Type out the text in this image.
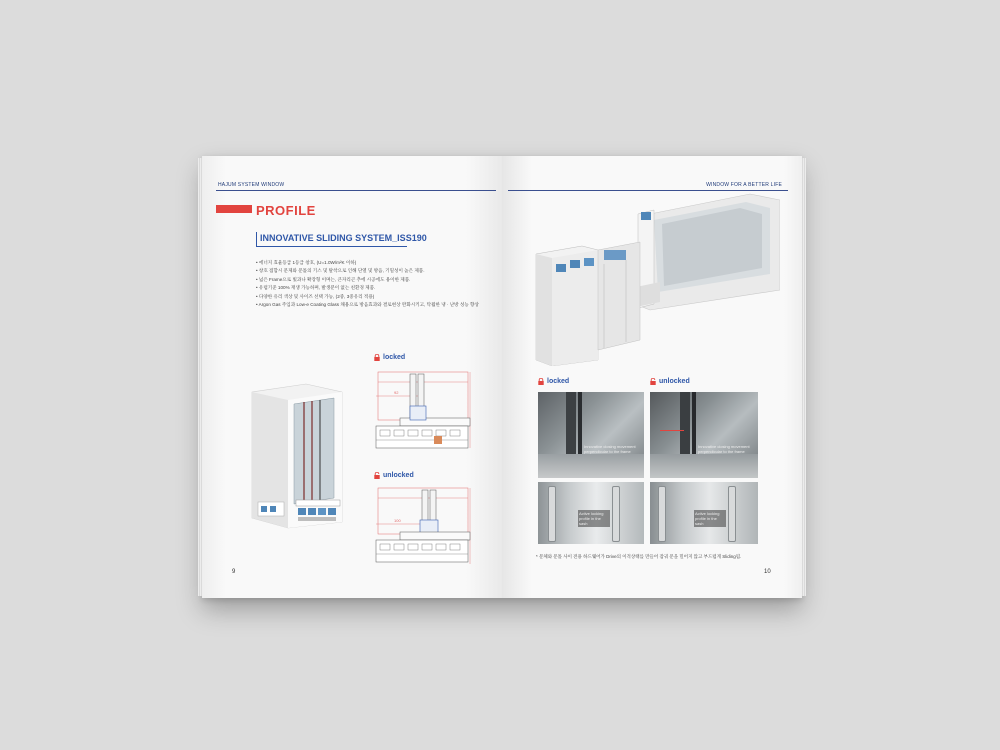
HAJUM SYSTEM WINDOW
PROFILE
INNOVATIVE SLIDING SYSTEM_ISS190
• 에너지 효율등급 1등급 창호, (U=1.0W/m²K 이하)
• 창호 접합시 문제와 문틀의 기스 및 탈착으로 인해 단열 및 방음, 기밀성이 높은 제품.
• 넓은 Frame으로 빛과나 확장형 이며는, 큰자리곤 추에 시공에도 용이한 제품.
• 유럽기준 100% 재생 가능하며, 발생분이 없는 친환경 제품.
• 다양한 유리 색상 및 사이즈 선택 가능, (2중, 3중유리 적용)
• Argon Gas 주입과 Low-e Coating Glass 채용으로 방음효과와 결로현상 완화시키고, 탁월한 냉 · 난방 성능 향상
locked
92
unlocked
100
9
WINDOW FOR A BETTER LIFE
locked	unlocked
Innovative closing movement perpendicular to the frame
Innovative closing movement perpendicular to the frame
Active locking profile in the sash
Active locking profile in the sash
* 문체와 문틀 사이 전용 하드웨어가 Drive의 이격상태를 만들어 잠궈 문을 밀어지 않고 부드럽게 Sliding됨.
10
